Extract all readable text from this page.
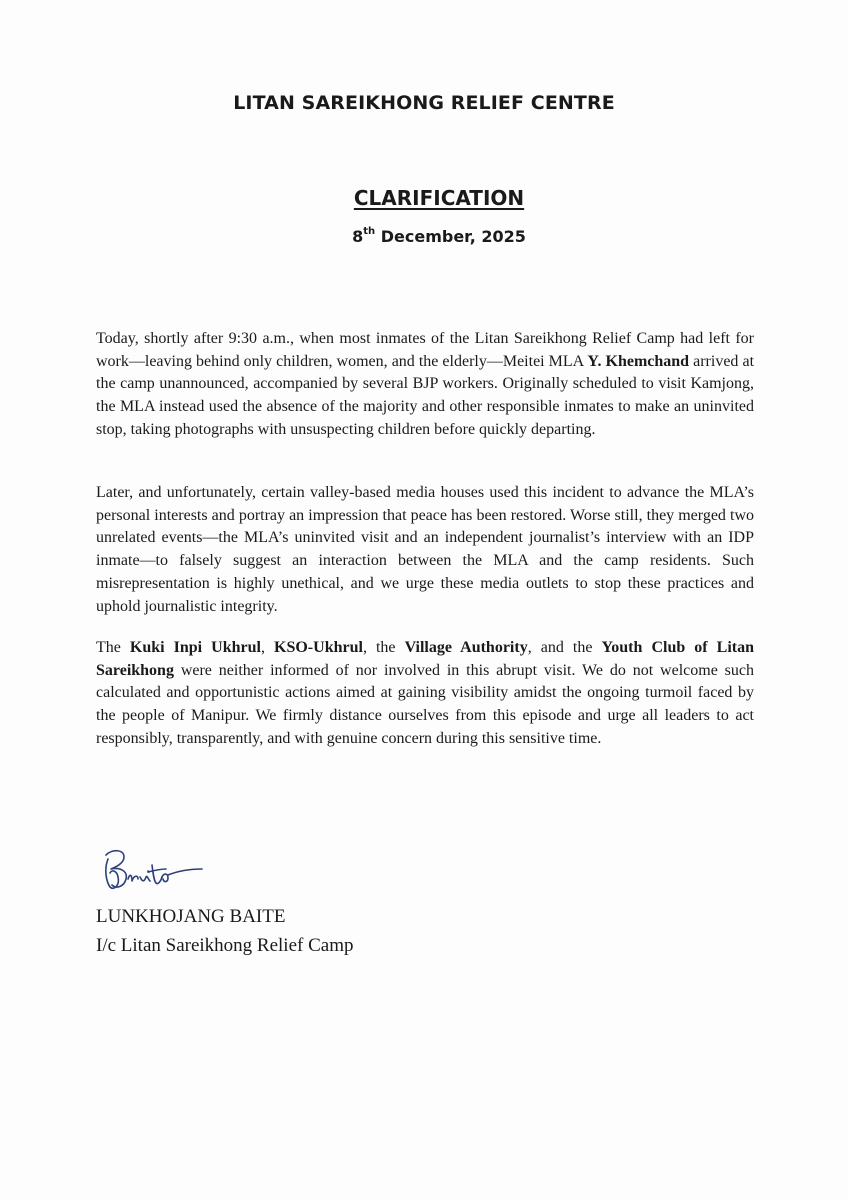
LITAN SAREIKHONG RELIEF CENTRE
CLARIFICATION
8th December, 2025

Today, shortly after 9:30 a.m., when most inmates of the Litan Sareikhong Relief Camp had left for work—leaving behind only children, women, and the elderly—Meitei MLA Y. Khemchand arrived at the camp unannounced, accompanied by several BJP workers. Originally scheduled to visit Kamjong, the MLA instead used the absence of the majority and other responsible inmates to make an uninvited stop, taking photographs with unsuspecting children before quickly departing.

Later, and unfortunately, certain valley-based media houses used this incident to advance the MLA’s personal interests and portray an impression that peace has been restored. Worse still, they merged two unrelated events—the MLA’s uninvited visit and an independent journalist’s interview with an IDP inmate—to falsely suggest an interaction between the MLA and the camp residents. Such misrepresentation is highly unethical, and we urge these media outlets to stop these practices and uphold journalistic integrity.

The Kuki Inpi Ukhrul, KSO-Ukhrul, the Village Authority, and the Youth Club of Litan Sareikhong were neither informed of nor involved in this abrupt visit. We do not welcome such calculated and opportunistic actions aimed at gaining visibility amidst the ongoing turmoil faced by the people of Manipur. We firmly distance ourselves from this episode and urge all leaders to act responsibly, transparently, and with genuine concern during this sensitive time.

LUNKHOJANG BAITE
I/c Litan Sareikhong Relief Camp
